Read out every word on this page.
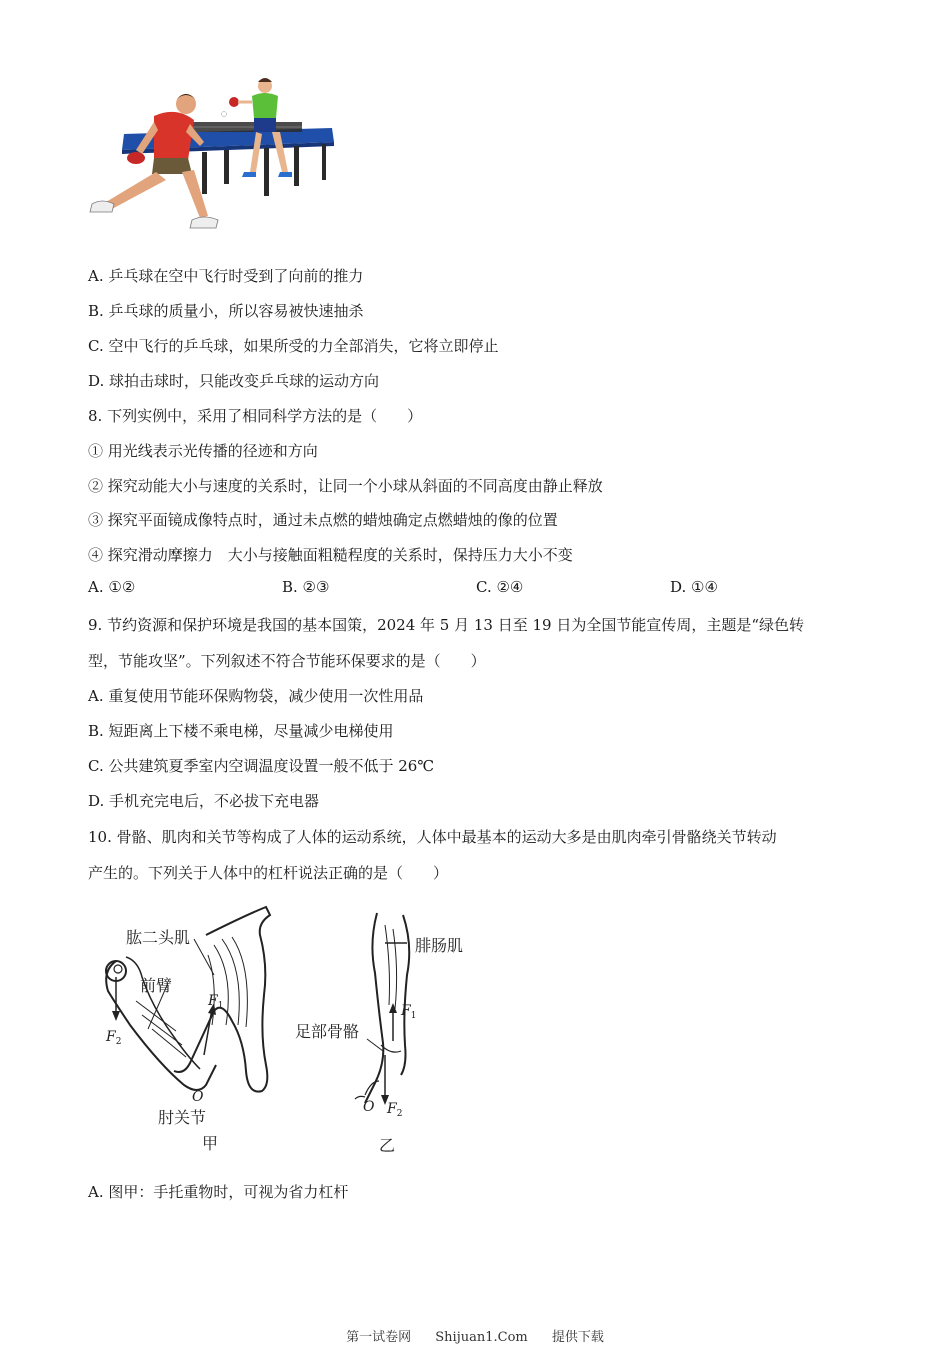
A. 乒乓球在空中飞行时受到了向前的推力
B. 乒乓球的质量小，所以容易被快速抽杀
C. 空中飞行的乒乓球，如果所受的力全部消失，它将立即停止
D. 球拍击球时，只能改变乒乓球的运动方向
8. 下列实例中，采用了相同科学方法的是（　　）
① 用光线表示光传播的径迹和方向
② 探究动能大小与速度的关系时，让同一个小球从斜面的不同高度由静止释放
③ 探究平面镜成像特点时，通过未点燃的蜡烛确定点燃蜡烛的像的位置
④ 探究滑动摩擦力　大小与接触面粗糙程度的关系时，保持压力大小不变
A. ①②	B. ②③	C. ②④	D. ①④
9. 节约资源和保护环境是我国的基本国策，2024 年 5 月 13 日至 19 日为全国节能宣传周，主题是“绿色转
型，节能攻坚”。下列叙述不符合节能环保要求的是（　　）
A. 重复使用节能环保购物袋，减少使用一次性用品
B. 短距离上下楼不乘电梯，尽量减少电梯使用
C. 公共建筑夏季室内空调温度设置一般不低于 26℃
D. 手机充完电后，不必拔下充电器
10. 骨骼、肌肉和关节等构成了人体的运动系统，人体中最基本的运动大多是由肌肉牵引骨骼绕关节转动
产生的。下列关于人体中的杠杆说法正确的是（　　）
肱二头肌
前臂
$F_1$
$F_2$
O
肘关节
甲
腓肠肌
$F_1$
足部骨骼
O $F_2$
乙
A. 图甲：手托重物时，可视为省力杠杆
第一试卷网 Shijuan1.Com 提供下载
